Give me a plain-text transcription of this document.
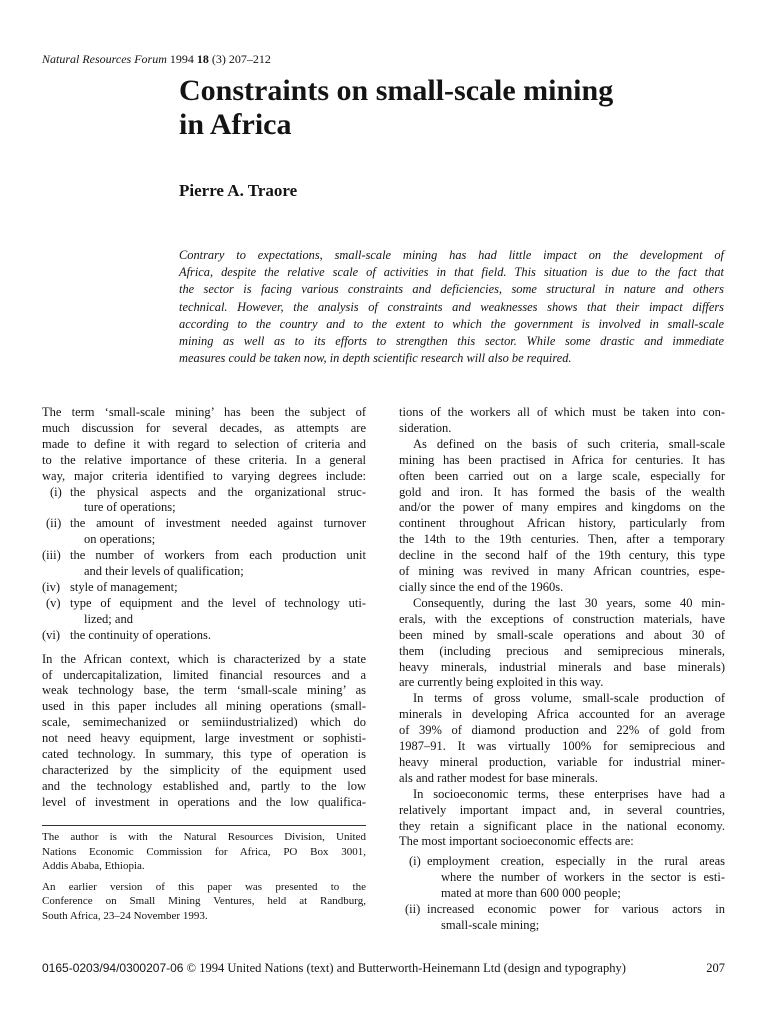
Natural Resources Forum 1994 18 (3) 207–212
Constraints on small-scale mining
in Africa
Pierre A. Traore
Contrary to expectations, small-scale mining has had little impact on the development of
Africa, despite the relative scale of activities in that field. This situation is due to the fact that
the sector is facing various constraints and deficiencies, some structural in nature and others
technical. However, the analysis of constraints and weaknesses shows that their impact differs
according to the country and to the extent to which the government is involved in small-scale
mining as well as to its efforts to strengthen this sector. While some drastic and immediate
measures could be taken now, in depth scientific research will also be required.
The term ‘small-scale mining’ has been the subject of
much discussion for several decades, as attempts are
made to define it with regard to selection of criteria and
to the relative importance of these criteria. In a general
way, major criteria identified to varying degrees include:
(i) the physical aspects and the organizational struc-
ture of operations;
(ii) the amount of investment needed against turnover
on operations;
(iii) the number of workers from each production unit
and their levels of qualification;
(iv) style of management;
(v) type of equipment and the level of technology uti-
lized; and
(vi) the continuity of operations.
In the African context, which is characterized by a state
of undercapitalization, limited financial resources and a
weak technology base, the term ‘small-scale mining’ as
used in this paper includes all mining operations (small-
scale, semimechanized or semiindustrialized) which do
not need heavy equipment, large investment or sophisti-
cated technology. In summary, this type of operation is
characterized by the simplicity of the equipment used
and the technology established and, partly to the low
level of investment in operations and the low qualifica-

The author is with the Natural Resources Division, United
Nations Economic Commission for Africa, PO Box 3001,
Addis Ababa, Ethiopia.

An earlier version of this paper was presented to the
Conference on Small Mining Ventures, held at Randburg,
South Africa, 23–24 November 1993.

tions of the workers all of which must be taken into con-
sideration.
As defined on the basis of such criteria, small-scale
mining has been practised in Africa for centuries. It has
often been carried out on a large scale, especially for
gold and iron. It has formed the basis of the wealth
and/or the power of many empires and kingdoms on the
continent throughout African history, particularly from
the 14th to the 19th centuries. Then, after a temporary
decline in the second half of the 19th century, this type
of mining was revived in many African countries, espe-
cially since the end of the 1960s.
Consequently, during the last 30 years, some 40 min-
erals, with the exceptions of construction materials, have
been mined by small-scale operations and about 30 of
them (including precious and semiprecious minerals,
heavy minerals, industrial minerals and base minerals)
are currently being exploited in this way.
In terms of gross volume, small-scale production of
minerals in developing Africa accounted for an average
of 39% of diamond production and 22% of gold from
1987–91. It was virtually 100% for semiprecious and
heavy mineral production, variable for industrial miner-
als and rather modest for base minerals.
In socioeconomic terms, these enterprises have had a
relatively important impact and, in several countries,
they retain a significant place in the national economy.
The most important socioeconomic effects are:
(i) employment creation, especially in the rural areas
where the number of workers in the sector is esti-
mated at more than 600 000 people;
(ii) increased economic power for various actors in
small-scale mining;
0165-0203/94/0300207-06 © 1994 United Nations (text) and Butterworth-Heinemann Ltd (design and typography)	207
